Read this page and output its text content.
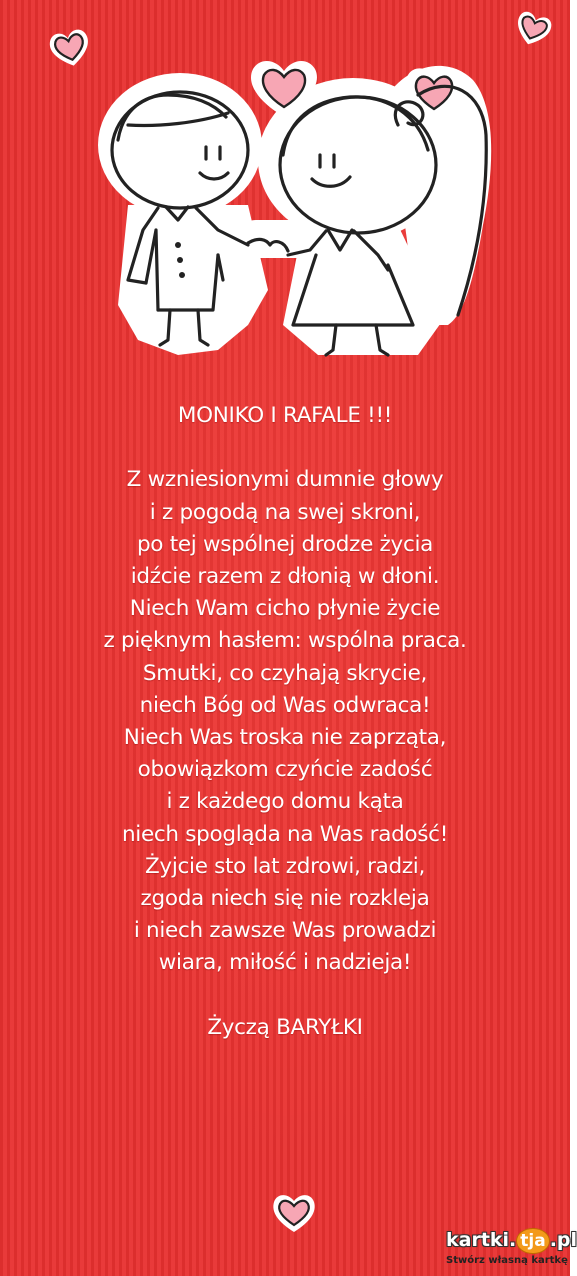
MONIKO I RAFALE !!!
Z wzniesionymi dumnie głowy
i z pogodą na swej skroni,
po tej wspólnej drodze życia
idźcie razem z dłonią w dłoni.
Niech Wam cicho płynie życie
z pięknym hasłem: wspólna praca.
Smutki, co czyhają skrycie,
niech Bóg od Was odwraca!
Niech Was troska nie zaprząta,
obowiązkom czyńcie zadość
i z każdego domu kąta
niech spogląda na Was radość!
Żyjcie sto lat zdrowi, radzi,
zgoda niech się nie rozkleja
i niech zawsze Was prowadzi
wiara, miłość i nadzieja!
Życzą BARYŁKI
kartki. tja .pl
Stwórz własną kartkę
